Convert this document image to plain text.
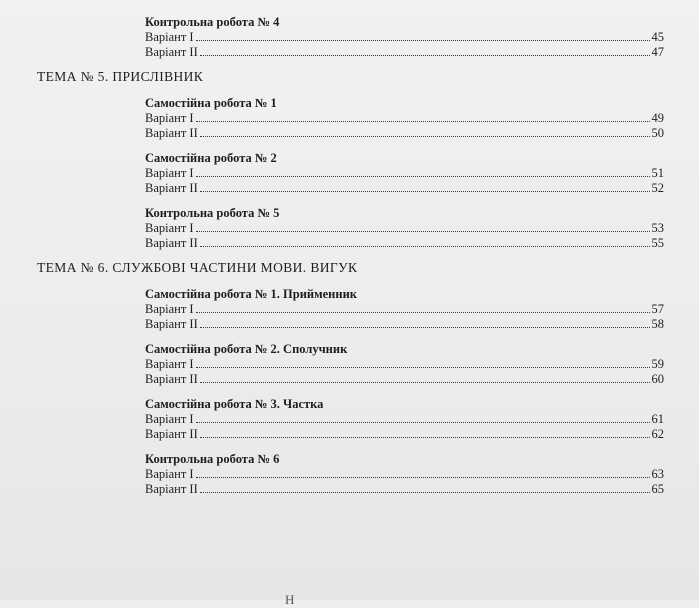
Контрольна робота № 4
Варіант I	45
Варіант II	47
ТЕМА № 5. ПРИСЛІВНИК
Самостійна робота № 1
Варіант I	49
Варіант II	50
Самостійна робота № 2
Варіант I	51
Варіант II	52
Контрольна робота № 5
Варіант I	53
Варіант II	55
ТЕМА № 6. СЛУЖБОВІ ЧАСТИНИ МОВИ. ВИГУК
Самостійна робота № 1. Прийменник
Варіант I	57
Варіант II	58
Самостійна робота № 2. Сполучник
Варіант I	59
Варіант II	60
Самостійна робота № 3. Частка
Варіант I	61
Варіант II	62
Контрольна робота № 6
Варіант I	63
Варіант II	65
Н
